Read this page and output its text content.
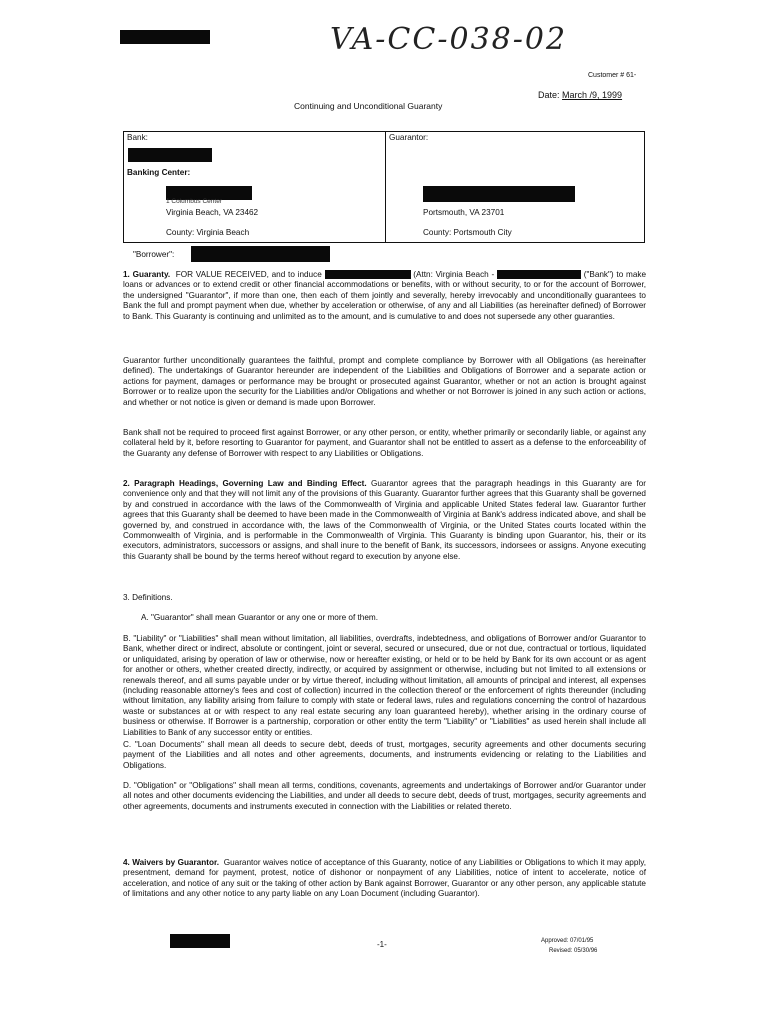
VA-CC-038-02
Customer # 61-
Date: March /9, 1999
Continuing and Unconditional Guaranty
Bank:	Guarantor:
Banking Center:
1 Columbus Center
Virginia Beach, VA 23462
County: Virginia Beach
Portsmouth, VA 23701
County: Portsmouth City
"Borrower":
1. Guaranty. FOR VALUE RECEIVED, and to induce	(Attn: Virginia Beach -	("Bank") to make loans or advances or to extend credit or other financial accommodations or benefits, with or without security, to or for the account of Borrower, the undersigned "Guarantor", if more than one, then each of them jointly and severally, hereby irrevocably and unconditionally guarantees to Bank the full and prompt payment when due, whether by acceleration or otherwise, of any and all Liabilities (as hereinafter defined) of Borrower to Bank. This Guaranty is continuing and unlimited as to the amount, and is cumulative to and does not supersede any other guaranties.
Guarantor further unconditionally guarantees the faithful, prompt and complete compliance by Borrower with all Obligations (as hereinafter defined). The undertakings of Guarantor hereunder are independent of the Liabilities and Obligations of Borrower and a separate action or actions for payment, damages or performance may be brought or prosecuted against Guarantor, whether or not an action is brought against Borrower or to realize upon the security for the Liabilities and/or Obligations and whether or not Borrower is joined in any such action or actions, and whether or not notice is given or demand is made upon Borrower.
Bank shall not be required to proceed first against Borrower, or any other person, or entity, whether primarily or secondarily liable, or against any collateral held by it, before resorting to Guarantor for payment, and Guarantor shall not be entitled to assert as a defense to the enforceability of the Guaranty any defense of Borrower with respect to any Liabilities or Obligations.
2. Paragraph Headings, Governing Law and Binding Effect. Guarantor agrees that the paragraph headings in this Guaranty are for convenience only and that they will not limit any of the provisions of this Guaranty. Guarantor further agrees that this Guaranty shall be governed by and construed in accordance with the laws of the Commonwealth of Virginia and applicable United States federal law. Guarantor further agrees that this Guaranty shall be deemed to have been made in the Commonwealth of Virginia at Bank's address indicated above, and shall be governed by, and construed in accordance with, the laws of the Commonwealth of Virginia, or the United States courts located within the Commonwealth of Virginia, and is performable in the Commonwealth of Virginia. This Guaranty is binding upon Guarantor, his, their or its executors, administrators, successors or assigns, and shall inure to the benefit of Bank, its successors, indorsees or assigns. Anyone executing this Guaranty shall be bound by the terms hereof without regard to execution by anyone else.
3. Definitions.
A. "Guarantor" shall mean Guarantor or any one or more of them.
B. "Liability" or "Liabilities" shall mean without limitation, all liabilities, overdrafts, indebtedness, and obligations of Borrower and/or Guarantor to Bank, whether direct or indirect, absolute or contingent, joint or several, secured or unsecured, due or not due, contractual or tortious, liquidated or unliquidated, arising by operation of law or otherwise, now or hereafter existing, or held or to be held by Bank for its own account or as agent for another or others, whether created directly, indirectly, or acquired by assignment or otherwise, including but not limited to all extensions or renewals thereof, and all sums payable under or by virtue thereof, including without limitation, all amounts of principal and interest, all expenses (including reasonable attorney's fees and cost of collection) incurred in the collection thereof or the enforcement of rights thereunder (including without limitation, any liability arising from failure to comply with state or federal laws, rules and regulations concerning the control of hazardous waste or substances at or with respect to any real estate securing any loan guaranteed hereby), whether arising in the ordinary course of business or otherwise. If Borrower is a partnership, corporation or other entity the term "Liability" or "Liabilities" as used herein shall include all Liabilities to Bank of any successor entity or entities.
C. "Loan Documents" shall mean all deeds to secure debt, deeds of trust, mortgages, security agreements and other documents securing payment of the Liabilities and all notes and other agreements, documents, and instruments evidencing or relating to the Liabilities and Obligations.
D. "Obligation" or "Obligations" shall mean all terms, conditions, covenants, agreements and undertakings of Borrower and/or Guarantor under all notes and other documents evidencing the Liabilities, and under all deeds to secure debt, deeds of trust, mortgages, security agreements and other agreements, documents and instruments executed in connection with the Liabilities or related thereto.
4. Waivers by Guarantor. Guarantor waives notice of acceptance of this Guaranty, notice of any Liabilities or Obligations to which it may apply, presentment, demand for payment, protest, notice of dishonor or nonpayment of any Liabilities, notice of intent to accelerate, notice of acceleration, and notice of any suit or the taking of other action by Bank against Borrower, Guarantor or any other person, any applicable statute of limitations and any other notice to any party liable on any Loan Document (including Guarantor).
-1-	Approved: 07/01/95
Revised: 05/30/96
